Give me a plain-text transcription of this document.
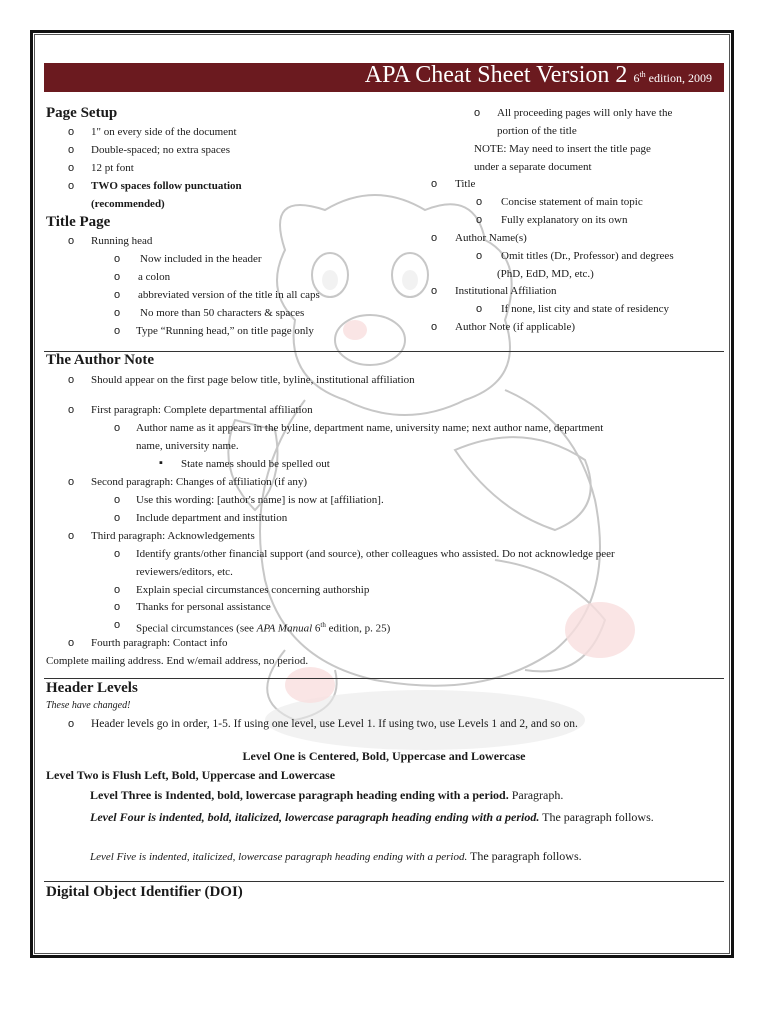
APA Cheat Sheet Version 2 6th edition, 2009
Page Setup
o 1" on every side of the document
o Double-spaced; no extra spaces
o 12 pt font
o TWO spaces follow punctuation
(recommended)
Title Page
o Running head
o Now included in the header
o a colon
o abbreviated version of the title in all caps
o No more than 50 characters & spaces
o Type “Running head,” on title page only
o All proceeding pages will only have the
portion of the title
NOTE: May need to insert the title page
under a separate document
o Title
o Concise statement of main topic
o Fully explanatory on its own
o Author Name(s)
o Omit titles (Dr., Professor) and degrees
(PhD, EdD, MD, etc.)
o Institutional Affiliation
o If none, list city and state of residency
o Author Note (if applicable)
The Author Note
o Should appear on the first page below title, byline, institutional affiliation
o First paragraph: Complete departmental affiliation
o Author name as it appears in the byline, department name, university name; next author name, department
name, university name.
▪ State names should be spelled out
o Second paragraph: Changes of affiliation (if any)
o Use this wording: [author's name] is now at [affiliation].
o Include department and institution
o Third paragraph: Acknowledgements
o Identify grants/other financial support (and source), other colleagues who assisted. Do not acknowledge peer
reviewers/editors, etc.
o Explain special circumstances concerning authorship
o Thanks for personal assistance
o Special circumstances (see APA Manual 6th edition, p. 25)
o Fourth paragraph: Contact info
Complete mailing address. End w/email address, no period.
Header Levels
These have changed!
o Header levels go in order, 1-5. If using one level, use Level 1. If using two, use Levels 1 and 2, and so on.
Level One is Centered, Bold, Uppercase and Lowercase
Level Two is Flush Left, Bold, Uppercase and Lowercase
Level Three is Indented, bold, lowercase paragraph heading ending with a period. Paragraph.
Level Four is indented, bold, italicized, lowercase paragraph heading ending with a period. The paragraph follows.
Level Five is indented, italicized, lowercase paragraph heading ending with a period. The paragraph follows.
Digital Object Identifier (DOI)
